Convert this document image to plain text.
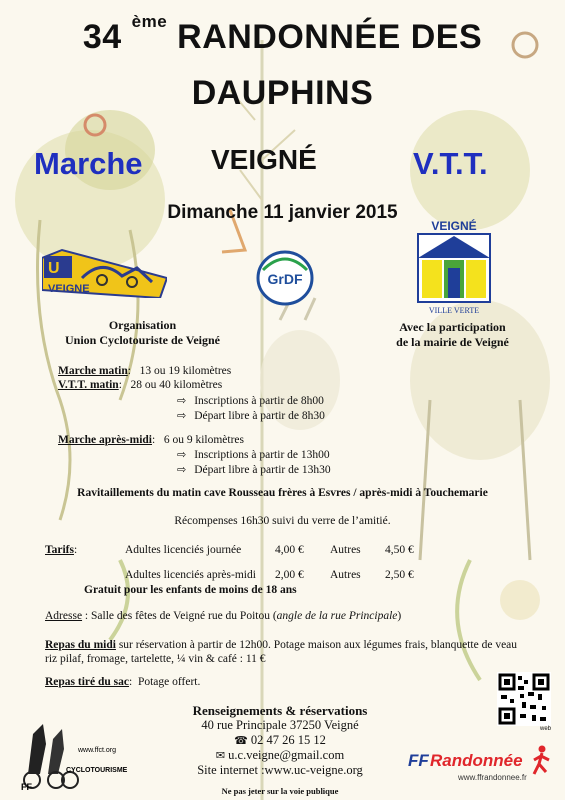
34 $^{ème}$ RANDONNÉE DES
DAUPHINS
Marche VEIGNÉ	V.T.T.
Dimanche 11 janvier 2015
U
VEIGNE
GrDF
VEIGNÉ
VILLE VERTE
Organisation
Union Cyclotouriste de Veigné
Avec la participation
de la mairie de Veigné
Marche matin:   13 ou 19 kilomètres
V.T.T. matin:   28 ou 40 kilomètres
⇨ Inscriptions à partir de 8h00
⇨ Départ libre à partir de 8h30
Marche après-midi:   6 ou 9 kilomètres
⇨ Inscriptions à partir de 13h00
⇨ Départ libre à partir de 13h30
Ravitaillements du matin cave Rousseau frères à Esvres / après-midi à Touchemarie
Récompenses 16h30 suivi du verre de l’amitié.
Tarifs:	Adultes licenciés journée	4,00 €	Autres	4,50 €

	Adultes licenciés après-midi	2,00 €	Autres	2,50 €
Gratuit pour les enfants de moins de 18 ans
Adresse : Salle des fêtes de Veigné rue du Poitou (angle de la rue Principale)
Repas du midi sur réservation à partir de 12h00. Potage maison aux légumes frais, blanquette de veau riz pilaf, fromage, tartelette, ¼ vin & café : 11 €
Repas tiré du sac:  Potage offert.
Renseignements & réservations
40 rue Principale 37250 Veigné
☎ 02 47 26 15 12
✉ u.c.veigne@gmail.com
Site internet :www.uc-veigne.org
Ne pas jeter sur la voie publique
web
FF
www.ffct.org
CYCLOTOURISME
FF Randonnée
www.ffrandonnee.fr
